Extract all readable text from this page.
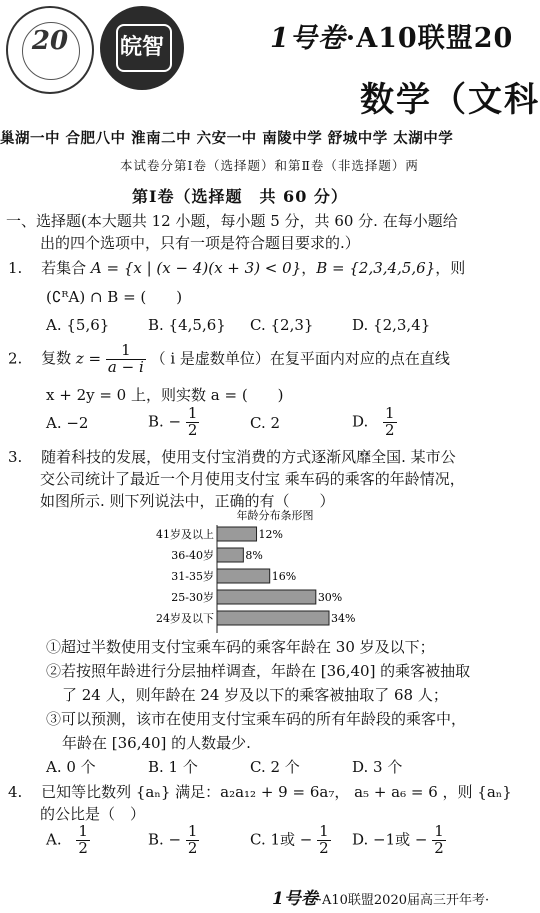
20	皖智	1号卷·A10联盟20
数学（文科
巢湖一中 合肥八中 淮南二中 六安一中 南陵中学 舒城中学 太湖中学
本试卷分第Ⅰ卷（选择题）和第Ⅱ卷（非选择题）两
第Ⅰ卷（选择题　共 60 分）
一、选择题(本大题共 12 小题，每小题 5 分，共 60 分. 在每小题给
出的四个选项中，只有一项是符合题目要求的.）
1. 若集合 A = {x | (x − 4)(x + 3) < 0}，B = {2,3,4,5,6}，则
(∁ᴿA) ∩ B = (　　)
A. {5,6}	B. {4,5,6} C. {2,3}	D. {2,3,4}
2. 复数 $z = \frac{1}{a - i}$ （ i 是虚数单位）在复平面内对应的点在直线
x + 2y = 0 上，则实数 a = (　　)
A. −2	B. − $\frac{1}{2}$	C. 2	D. $\frac{1}{2}$
3. 随着科技的发展，使用支付宝消费的方式逐渐风靡全国. 某市公
交公司统计了最近一个月使用支付宝 乘车码的乘客的年龄情况，
如图所示. 则下列说法中，正确的有（　　）
年龄分布条形图
41岁及以上	12%
36-40岁	8%
31-35岁	16%
25-30岁	30%
24岁及以下	34%
①超过半数使用支付宝乘车码的乘客年龄在 30 岁及以下；
②若按照年龄进行分层抽样调查，年龄在 [36,40] 的乘客被抽取
了 24 人，则年龄在 24 岁及以下的乘客被抽取了 68 人；
③可以预测，该市在使用支付宝乘车码的所有年龄段的乘客中，
年龄在 [36,40] 的人数最少.
A. 0 个	B. 1 个	C. 2 个	D. 3 个
4. 已知等比数列 {aₙ} 满足：a₂a₁₂ + 9 = 6a₇， a₅ + a₆ = 6 ，则 {aₙ}
的公比是（　）
A. $\frac{1}{2}$	B. − $\frac{1}{2}$	C. 1或 − $\frac{1}{2} D$. −1或 − $\frac{1}{2}$
1号卷·A10联盟2020届高三开年考·
